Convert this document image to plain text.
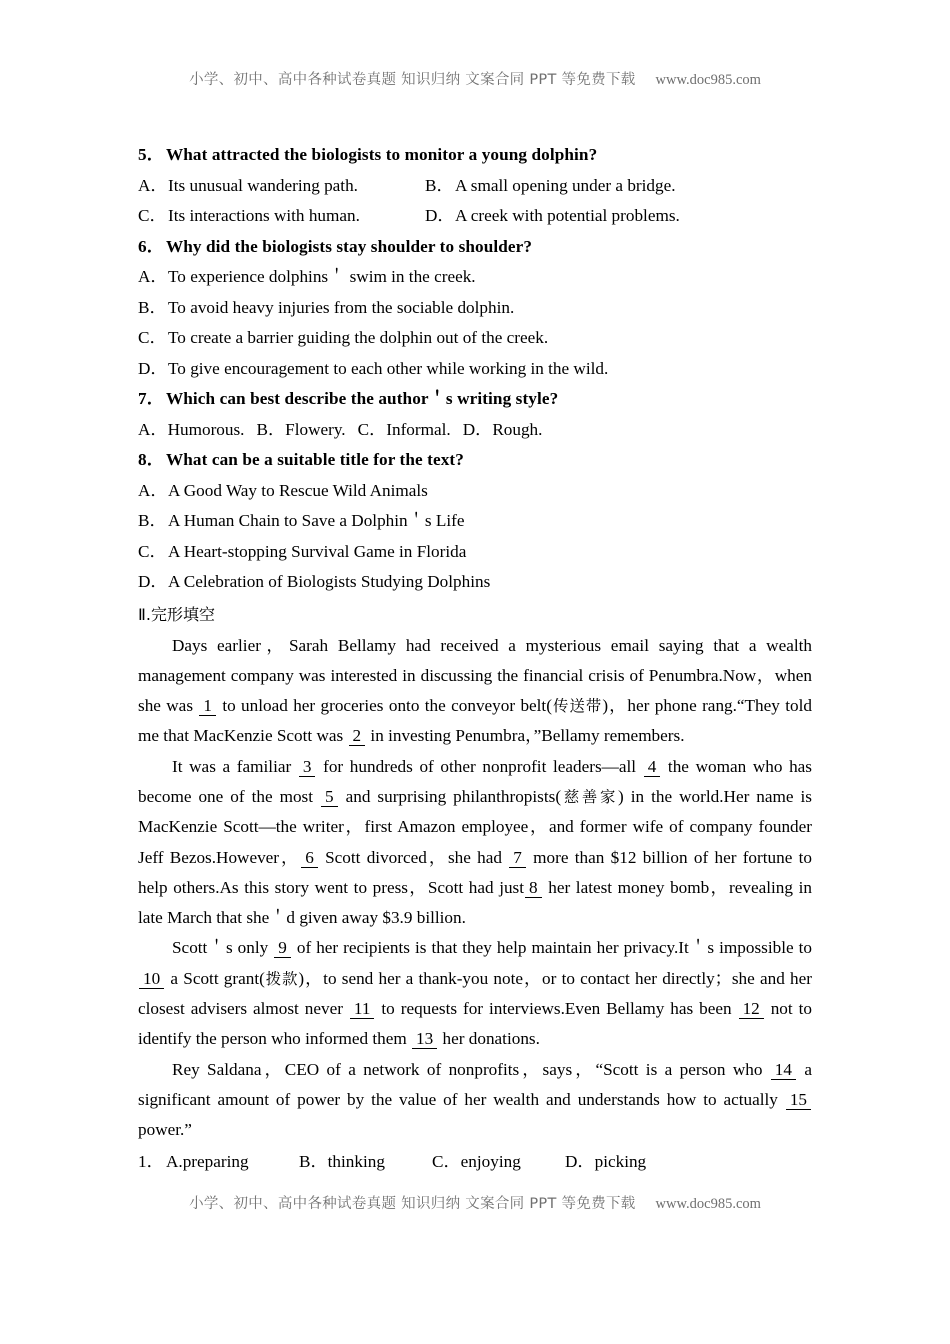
小学、初中、高中各种试卷真题 知识归纳 文案合同 PPT 等免费下载 www.doc985.com
5． What attracted the biologists to monitor a young dolphin?
A． Its unusual wandering path.	B． A small opening under a bridge.
C． Its interactions with human.	D． A creek with potential problems.
6． Why did the biologists stay shoulder to shoulder?
A．To experience dolphins＇ swim in the creek.
B．To avoid heavy injuries from the sociable dolphin.
C．To create a barrier guiding the dolphin out of the creek.
D．To give encouragement to each other while working in the wild.
7． Which can best describe the author＇s writing style?
A．Humorous. B．Flowery. C．Informal. D．Rough.
8． What can be a suitable title for the text?
A．A Good Way to Rescue Wild Animals
B．A Human Chain to Save a Dolphin＇s Life
C．A Heart-stopping Survival Game in Florida
D．A Celebration of Biologists Studying Dolphins
Ⅱ.完形填空

Days earlier，Sarah Bellamy had received a mysterious email saying that a wealth management company was interested in discussing the financial crisis of Penumbra.Now，when she was 1 to unload her groceries onto the conveyor belt(传送带)，her phone rang.“They told me that MacKenzie Scott was 2 in investing Penumbra，”Bellamy remembers.

It was a familiar 3 for hundreds of other nonprofit leaders—all 4 the woman who has become one of the most 5 and surprising philanthropists(慈善家) in the world.Her name is MacKenzie Scott—the writer，first Amazon employee，and former wife of company founder Jeff Bezos.However， 6 Scott divorced，she had 7 more than $12 billion of her fortune to help others.As this story went to press，Scott had just 8 her latest money bomb，revealing in late March that she＇d given away $3.9 billion.

Scott＇s only 9 of her recipients is that they help maintain her privacy.It＇s impossible to 10 a Scott grant(拨款)，to send her a thank-you note，or to contact her directly；she and her closest advisers almost never 11 to requests for interviews.Even Bellamy has been 12 not to identify the person who informed them 13 her donations.

Rey Saldana，CEO of a network of nonprofits，says，“Scott is a person who 14 a significant amount of power by the value of her wealth and understands how to actually 15 power.”

1． A.preparing	B．thinking	C．enjoying	D．picking
小学、初中、高中各种试卷真题 知识归纳 文案合同 PPT 等免费下载 www.doc985.com
